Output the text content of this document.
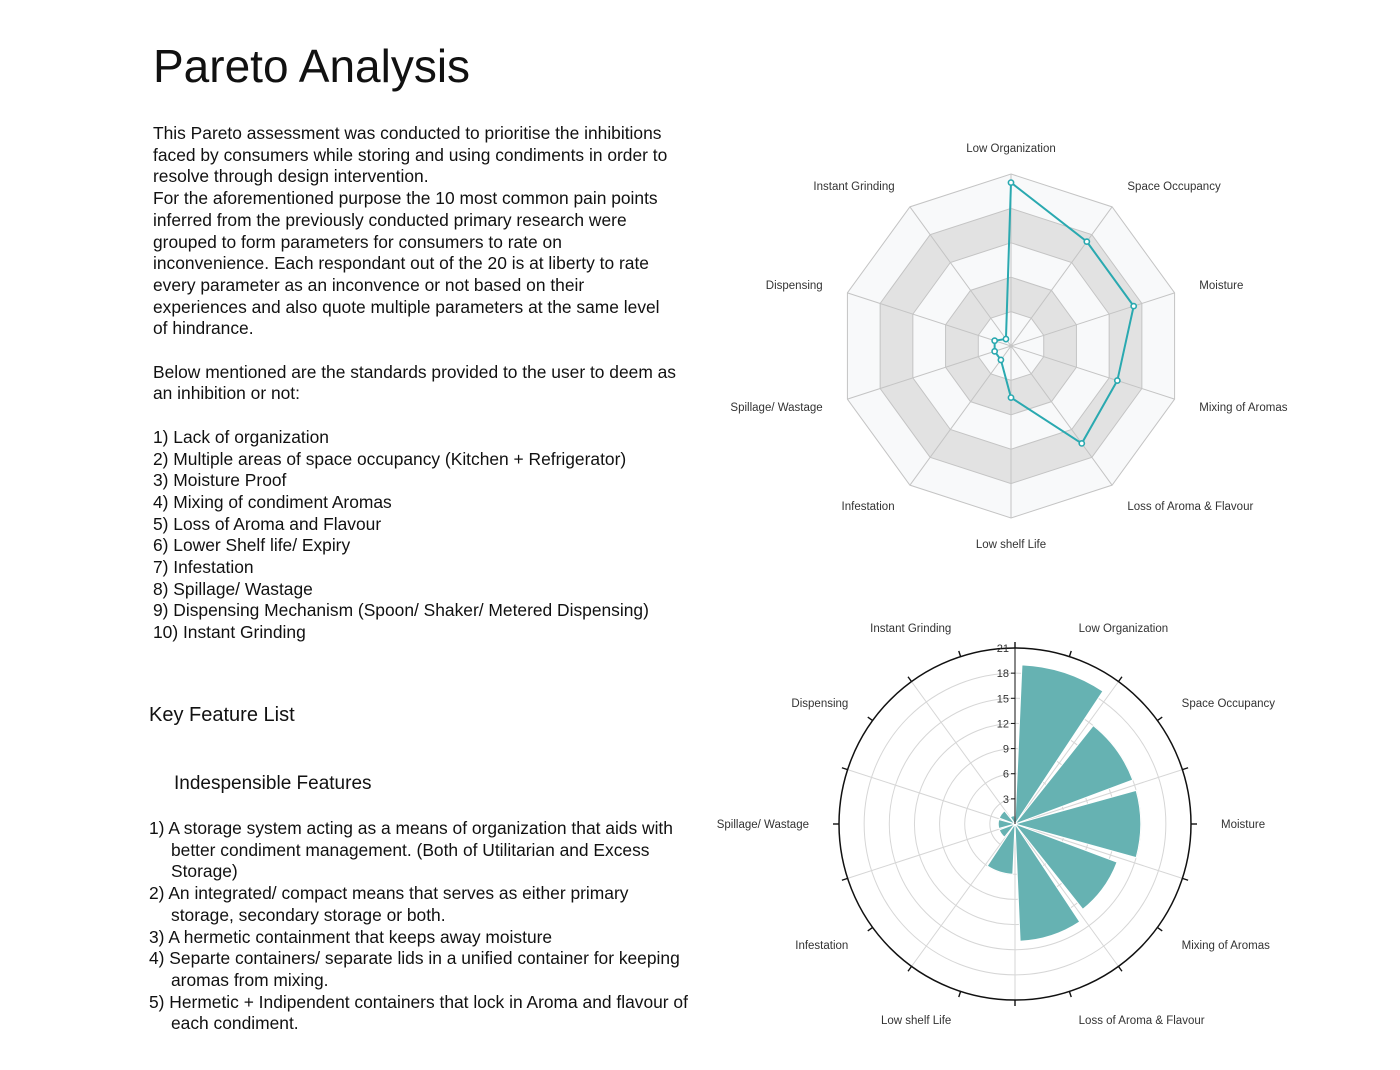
Pareto Analysis

This Pareto assessment was conducted to prioritise the inhibitions faced by consumers while storing and using condiments in order to resolve through design intervention.

For the aforementioned purpose the 10 most common pain points inferred from the previously conducted primary research were grouped to form parameters for consumers to rate on inconvenience. Each respondant out of the 20 is at liberty to rate every parameter as an inconvence or not based on their experiences and also quote multiple parameters at the same level of hindrance.

Below mentioned are the standards provided to the user to deem as an inhibition or not:

1) Lack of organization

2) Multiple areas of space occupancy (Kitchen + Refrigerator)

3) Moisture Proof

4) Mixing of condiment Aromas

5) Loss of Aroma and Flavour

6) Lower Shelf life/ Expiry

7) Infestation

8) Spillage/ Wastage

9) Dispensing Mechanism (Spoon/ Shaker/ Metered Dispensing)

10) Instant Grinding

Key Feature List
Indespensible Features
1) A storage system acting as a means of organization that aids with better condiment management. (Both of Utilitarian and Excess Storage)
2) An integrated/ compact means that serves as either primary storage, secondary storage or both.
3) A hermetic containment that keeps away moisture
4) Separte containers/ separate lids in a unified container for keeping aromas from mixing.
5) Hermetic + Indipendent containers that lock in Aroma and flavour of each condiment.
Low Organization
Space Occupancy
Moisture
Mixing of Aromas
Loss of Aroma & Flavour
Low shelf Life
Infestation
Spillage/ Wastage
Dispensing
Instant Grinding
3
6
9
12
15
18
21
Low Organization
Space Occupancy
Moisture
Mixing of Aromas
Loss of Aroma & Flavour
Low shelf Life
Infestation
Spillage/ Wastage
Dispensing
Instant Grinding
